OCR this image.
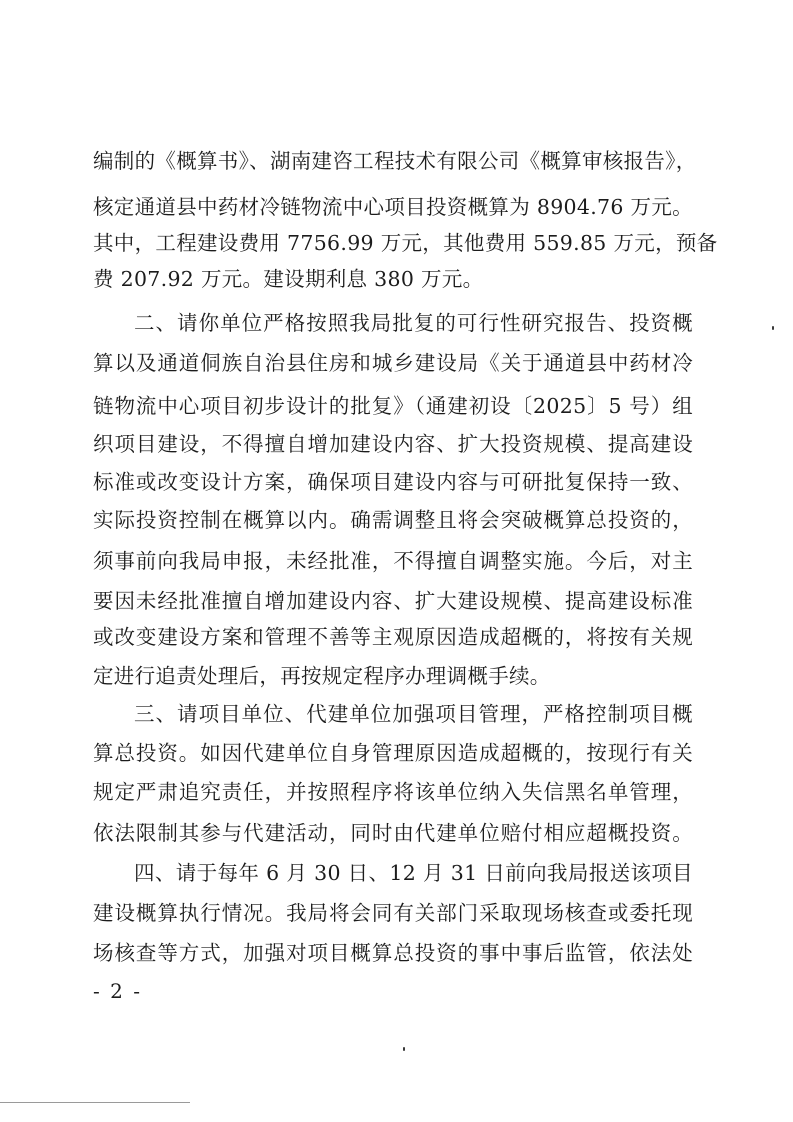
编制的《概算书》、湖南建咨工程技术有限公司《概算审核报告》，

核定通道县中药材冷链物流中心项目投资概算为 8904.76 万元。

其中，工程建设费用 7756.99 万元，其他费用 559.85 万元，预备

费 207.92 万元。建设期利息 380 万元。

二、请你单位严格按照我局批复的可行性研究报告、投资概

算以及通道侗族自治县住房和城乡建设局《关于通道县中药材冷

链物流中心项目初步设计的批复》（通建初设〔2025〕5 号）组

织项目建设，不得擅自增加建设内容、扩大投资规模、提高建设

标准或改变设计方案，确保项目建设内容与可研批复保持一致、

实际投资控制在概算以内。确需调整且将会突破概算总投资的，

须事前向我局申报，未经批准，不得擅自调整实施。今后，对主

要因未经批准擅自增加建设内容、扩大建设规模、提高建设标准

或改变建设方案和管理不善等主观原因造成超概的，将按有关规

定进行追责处理后，再按规定程序办理调概手续。

三、请项目单位、代建单位加强项目管理，严格控制项目概

算总投资。如因代建单位自身管理原因造成超概的，按现行有关

规定严肃追究责任，并按照程序将该单位纳入失信黑名单管理，

依法限制其参与代建活动，同时由代建单位赔付相应超概投资。

四、请于每年 6 月 30 日、12 月 31 日前向我局报送该项目

建设概算执行情况。我局将会同有关部门采取现场核查或委托现

场核查等方式，加强对项目概算总投资的事中事后监管，依法处

- 2 -
